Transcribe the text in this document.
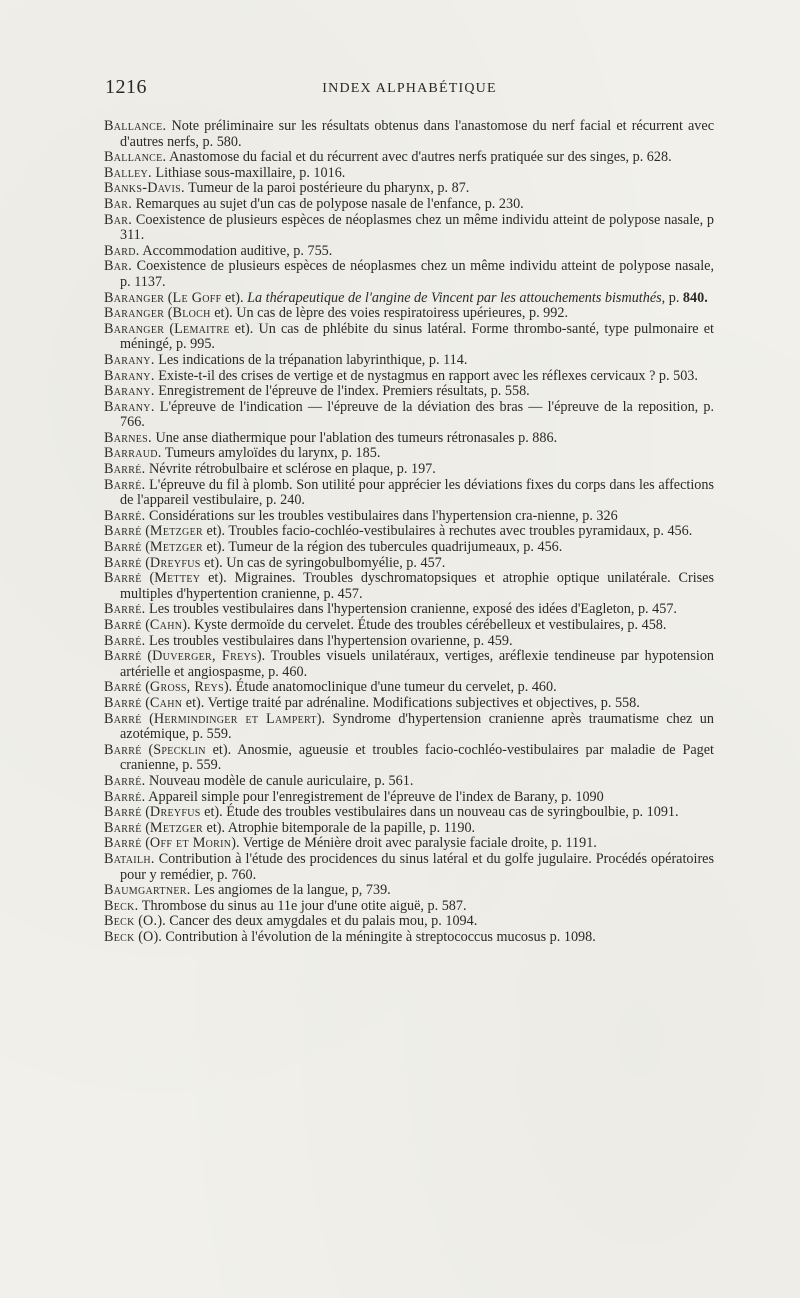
1216	INDEX ALPHABÉTIQUE

Ballance. Note préliminaire sur les résultats obtenus dans l'anastomose du nerf facial et récurrent avec d'autres nerfs, p. 580.

Ballance. Anastomose du facial et du récurrent avec d'autres nerfs pratiquée sur des singes, p. 628.

Balley. Lithiase sous-maxillaire, p. 1016.

Banks-Davis. Tumeur de la paroi postérieure du pharynx, p. 87.

Bar. Remarques au sujet d'un cas de polypose nasale de l'enfance, p. 230.

Bar. Coexistence de plusieurs espèces de néoplasmes chez un même individu atteint de polypose nasale, p 311.

Bard. Accommodation auditive, p. 755.

Bar. Coexistence de plusieurs espèces de néoplasmes chez un même individu atteint de polypose nasale, p. 1137.

Baranger (Le Goff et). La thérapeutique de l'angine de Vincent par les attouchements bismuthés, p. 840.

Baranger (Bloch et). Un cas de lèpre des voies respiratoiress upérieures, p. 992.

Baranger (Lemaitre et). Un cas de phlébite du sinus latéral. Forme thrombo-santé, type pulmonaire et méningé, p. 995.

Barany. Les indications de la trépanation labyrinthique, p. 114.

Barany. Existe-t-il des crises de vertige et de nystagmus en rapport avec les réflexes cervicaux ? p. 503.

Barany. Enregistrement de l'épreuve de l'index. Premiers résultats, p. 558.

Barany. L'épreuve de l'indication — l'épreuve de la déviation des bras — l'épreuve de la reposition, p. 766.

Barnes. Une anse diathermique pour l'ablation des tumeurs rétronasales p. 886.

Barraud. Tumeurs amyloïdes du larynx, p. 185.

Barré. Névrite rétrobulbaire et sclérose en plaque, p. 197.

Barré. L'épreuve du fil à plomb. Son utilité pour apprécier les déviations fixes du corps dans les affections de l'appareil vestibulaire, p. 240.

Barré. Considérations sur les troubles vestibulaires dans l'hypertension cra-nienne, p. 326

Barré (Metzger et). Troubles facio-cochléo-vestibulaires à rechutes avec troubles pyramidaux, p. 456.

Barré (Metzger et). Tumeur de la région des tubercules quadrijumeaux, p. 456.

Barré (Dreyfus et). Un cas de syringobulbomyélie, p. 457.

Barré (Mettey et). Migraines. Troubles dyschromatopsiques et atrophie optique unilatérale. Crises multiples d'hypertention cranienne, p. 457.

Barré. Les troubles vestibulaires dans l'hypertension cranienne, exposé des idées d'Eagleton, p. 457.

Barré (Cahn). Kyste dermoïde du cervelet. Étude des troubles cérébelleux et vestibulaires, p. 458.

Barré. Les troubles vestibulaires dans l'hypertension ovarienne, p. 459.

Barré (Duverger, Freys). Troubles visuels unilatéraux, vertiges, aréflexie tendineuse par hypotension artérielle et angiospasme, p. 460.

Barré (Gross, Reys). Étude anatomoclinique d'une tumeur du cervelet, p. 460.

Barré (Cahn et). Vertige traité par adrénaline. Modifications subjectives et objectives, p. 558.

Barré (Hermindinger et Lampert). Syndrome d'hypertension cranienne après traumatisme chez un azotémique, p. 559.

Barré (Specklin et). Anosmie, agueusie et troubles facio-cochléo-vestibulaires par maladie de Paget cranienne, p. 559.

Barré. Nouveau modèle de canule auriculaire, p. 561.

Barré. Appareil simple pour l'enregistrement de l'épreuve de l'index de Barany, p. 1090

Barré (Dreyfus et). Étude des troubles vestibulaires dans un nouveau cas de syringboulbie, p. 1091.

Barré (Metzger et). Atrophie bitemporale de la papille, p. 1190.

Barré (Off et Morin). Vertige de Ménière droit avec paralysie faciale droite, p. 1191.

Batailh. Contribution à l'étude des procidences du sinus latéral et du golfe jugulaire. Procédés opératoires pour y remédier, p. 760.

Baumgartner. Les angiomes de la langue, p, 739.

Beck. Thrombose du sinus au 11e jour d'une otite aiguë, p. 587.

Beck (O.). Cancer des deux amygdales et du palais mou, p. 1094.

Beck (O). Contribution à l'évolution de la méningite à streptococcus mucosus p. 1098.
